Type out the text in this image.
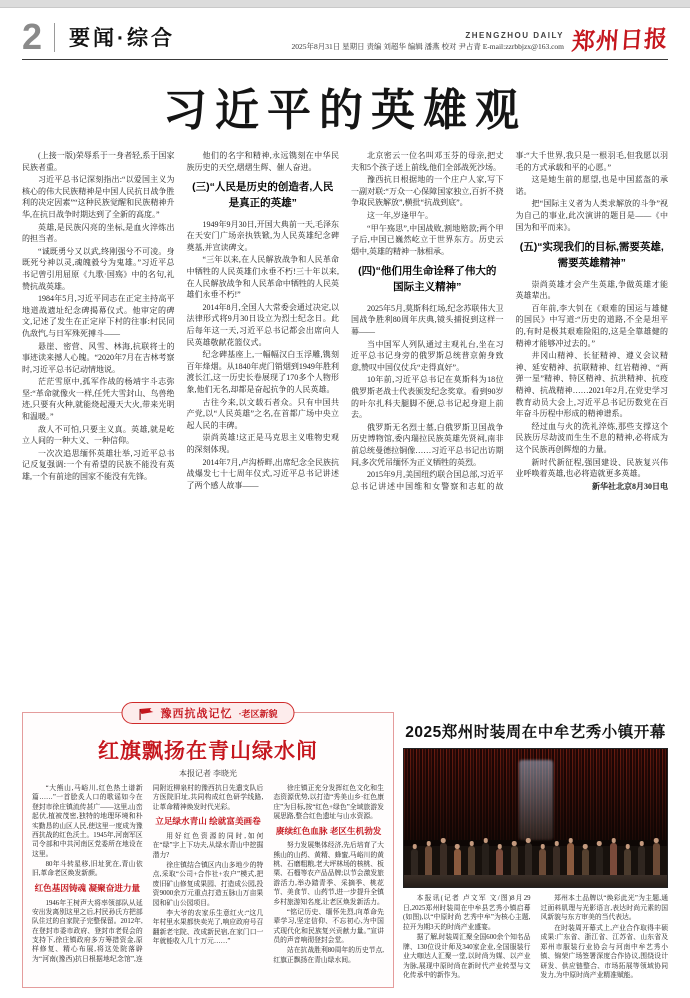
2	要闻·综合	ZHENGZHOU DAILY
2025年8月31日 星期日 责编 刘超华 编辑 潘燕 校对 尹占青 E-mail:zzrbbjzx@163.com 郑州日报
习近平的英雄观

(上接一版)荣辱系于一身者轻,系于国家民族者重。

习近平总书记深刻指出:“以爱国主义为核心的伟大民族精神是中国人民抗日战争胜利的决定因素”“这种民族觉醒和民族精神升华,在抗日战争时期达到了全新的高度。”

英雄,是民族闪亮的坐标,是血火淬炼出的担当者。

“诚既勇兮又以武,终刚强兮不可凌。身既死兮神以灵,魂魄毅兮为鬼雄。”习近平总书记曾引用屈原《九歌·国殇》中的名句,礼赞抗战英雄。

1984年5月,习近平同志在正定主持高平地道战遗址纪念碑揭幕仪式。他审定的碑文,记述了发生在正定岸下村的往事:村民同仇敌忾,与日军殊死搏斗——

悬崖、密营、风雪、林海,抗联将士的事迹读来撼人心魄。“2020年7月在吉林考察时,习近平总书记动情地说。

茫茫雪原中,孤军作战的杨靖宇斗志弥坚:“革命就像火一样,任凭大雪封山、鸟兽绝迹,只要有火种,就能烧起漫天大火,带来光明和温暖。”

敌人不可怕,只要主义真。英雄,就是屹立人间的一种大义、一种信仰。

一次次追思缅怀英雄壮举,习近平总书记反复强调:一个有希望的民族不能没有英雄,一个有前途的国家不能没有先锋。

他们的名字和精神,永远镌刻在中华民族历史的天空,熠熠生辉、催人奋进。

(三)“人民是历史的创造者,人民是真正的英雄”

1949年9月30日,开国大典前一天,毛泽东在天安门广场亲执铁锨,为人民英雄纪念碑奠基,并宣读碑文。

“三年以来,在人民解放战争和人民革命中牺牲的人民英雄们永垂不朽!三十年以来,在人民解放战争和人民革命中牺牲的人民英雄们永垂不朽!”

2014年8月,全国人大常委会通过决定,以法律形式将9月30日设立为烈士纪念日。此后每年这一天,习近平总书记都会出席向人民英雄敬献花篮仪式。

纪念碑基座上,一幅幅汉白玉浮雕,镌刻百年烽烟。从1840年虎门销烟到1949年胜利渡长江,这一历史长卷展现了170多个人物形象,他们无名,却都是奋起抗争的人民英雄。

古往今来,以文载石者众。只有中国共产党,以“人民英雄”之名,在首都广场中央立起人民的丰碑。

崇尚英雄!这正是马克思主义唯物史观的深刻体现。

2014年7月,卢沟桥畔,出席纪念全民族抗战爆发七十七周年仪式,习近平总书记讲述了两个感人故事——

北京密云一位名叫邓玉芬的母亲,把丈夫和5个孩子送上前线,他们全部战死沙场。

豫西抗日根据地的一个庄户人家,写下一副对联:“万众一心保障国家独立,百折不挠争取民族解放”,横批“抗战到底”。

这一年,岁逢甲午。

“甲午殇思”,中国战败,割地赔款;两个甲子后,中国已巍然屹立于世界东方。历史云烟中,英雄的精神一脉相承。

(四)“他们用生命诠释了伟大的国际主义精神”

2025年5月,莫斯科红场,纪念苏联伟大卫国战争胜利80周年庆典,镜头捕捉到这样一幕——

当中国军人列队通过主观礼台,坐在习近平总书记身旁的俄罗斯总统普京俯身致意,赞叹中国仪仗兵“走得真好”。

10年前,习近平总书记在莫斯科为18位俄罗斯老战士代表颁发纪念奖章。看到90岁的叶尔扎科夫腿脚不便,总书记起身迎上前去。

俄罗斯无名烈士墓,白俄罗斯卫国战争历史博物馆,委内瑞拉民族英雄先贤祠,南非前总统曼德拉铜像……习近平总书记出访期间,多次凭吊缅怀为正义牺牲的英烈。

2015年9月,美国纽约联合国总部,习近平总书记讲述中国维和女警察和志虹的故事:“大千世界,我只是一根羽毛,但我愿以羽毛的方式承载和平的心愿。”

这是她生前的愿望,也是中国蓝盔的承诺。

把“国际主义者为人类求解放的斗争”视为自己的事业,此次演讲的题目是——《中国为和平而来》。

(五)“实现我们的目标,需要英雄,需要英雄精神”

崇尚英雄才会产生英雄,争做英雄才能英雄辈出。

百年前,李大钊在《艰难的国运与雄健的国民》中写道:“历史的道路,不全是坦平的,有时是极其艰难险阻的,这是全靠雄健的精神才能够冲过去的。”

井冈山精神、长征精神、遵义会议精神、延安精神、抗联精神、红岩精神、“两弹一星”精神、特区精神、抗洪精神、抗疫精神、抗战精神……2021年2月,在党史学习教育动员大会上,习近平总书记历数党在百年奋斗历程中形成的精神谱系。

经过血与火的洗礼淬炼,那些支撑这个民族历尽劫波而生生不息的精神,必将成为这个民族再创辉煌的力量。

新时代新征程,强国建设、民族复兴伟业呼唤着英雄,也必将造就更多英雄。

新华社北京8月30日电

豫西抗战记忆 ·老区新貌
红旗飘扬在青山绿水间
本报记者 李晓光

“大熊山,马峪川,红色热土谱新篇……”一首脍炙人口的歌谣如今在登封市徐庄镇流传甚广——这里,山峦起伏,植被茂密,独特的地理环境和朴实勤恳的山区人民,使这里一度成为豫西抗战的红色沃土。1945年,河南军区司令部和中共河南区党委所在地设在这里。

80年斗转星移,旧址犹在,青山依旧,革命老区焕发新颜。

红色基因铸魂 凝聚奋进力量

1946年王树声大将率领部队从延安出发离别这里之后,村民孙氏方把部队住过的自家院子完整保留。2012年,在登封市委市政府、登封市老促会的支持下,徐庄镇政府多方筹措资金,原样修复、精心布展,将这处院落辟为“河南(豫西)抗日根据地纪念馆”,连同附近柳泉村的豫西抗日先遣支队后方医院旧址,共同构成红色研学线路,让革命精神焕发时代光彩。

立足绿水青山 绘就富美画卷

用好红色资源的同时,如何在“绿”字上下功夫,从绿水青山中挖掘潜力?

徐庄镇结合镇区内山多地少的特点,采取“公司+合作社+农户”模式,把废旧矿山修复成果园、打造成公园,投资9000余万元重点打造五脉山万亩果园和矿山公园项目。

李大爷的农家乐生意红火:“这几年村里水果都快卖光了,响应政府号召翻新老宅院、改成新民宿,在家门口一年就能收入几十万元……”

徐庄镇正充分发挥红色文化和生态资源优势,以打造“秀美山乡·红色康庄”为目标,按“红色+绿色”全域旅游发展思路,整合红色遗址与山水资源。

赓续红色血脉 老区生机勃发

努力发展集体经济,先后培育了大熊山的山药、黄精、蜂蜜,马峪川的黄桃、石磨粗粮,老大坪林场的核桃、板栗、石榴等农产品品牌;以节会激发旅游活力,举办踏青季、采摘季、桃花节、美食节、山药节,进一步提升全镇乡村旅游知名度,让老区焕发新活力。

“铭记历史、缅怀先烈,向革命先辈学习,坚定信仰、不忘初心,为中国式现代化和民族复兴贡献力量。”宣讲员的声音响彻登封会堂。

站在抗战胜利80周年的历史节点,红旗正飘扬在青山绿水间。

2025郑州时装周在中牟艺秀小镇开幕

本报讯(记者 卢文军 文/图)8月29日,2025郑州时装周在中牟县艺秀小镇启幕(如图),以“中原时尚 艺秀中牟”为核心主题,拉开为期3天的时尚产业盛宴。

据了解,时装周汇聚全国600余个知名品牌、130位设计师及340家企业,全国服装行业大咖达人汇聚一堂,以时尚为媒、以产业为脉,展现中原时尚在新时代产业转型与文化传承中的新作为。

郑州本土品牌以“焕彩此光”为主题,通过面料肌理与光影语言,表达时尚元素的国风新貌与东方审美的当代表达。

在时装周开幕式上,产业合作取得丰硕成果:广东省、浙江省、江苏省、山东省及郑州市服装行业协会与河南中牟艺秀小镇、锦荣广场签署深度合作协议,围绕设计研发、供应链整合、市场拓展等领域协同发力,为中原时尚产业精准赋能。
